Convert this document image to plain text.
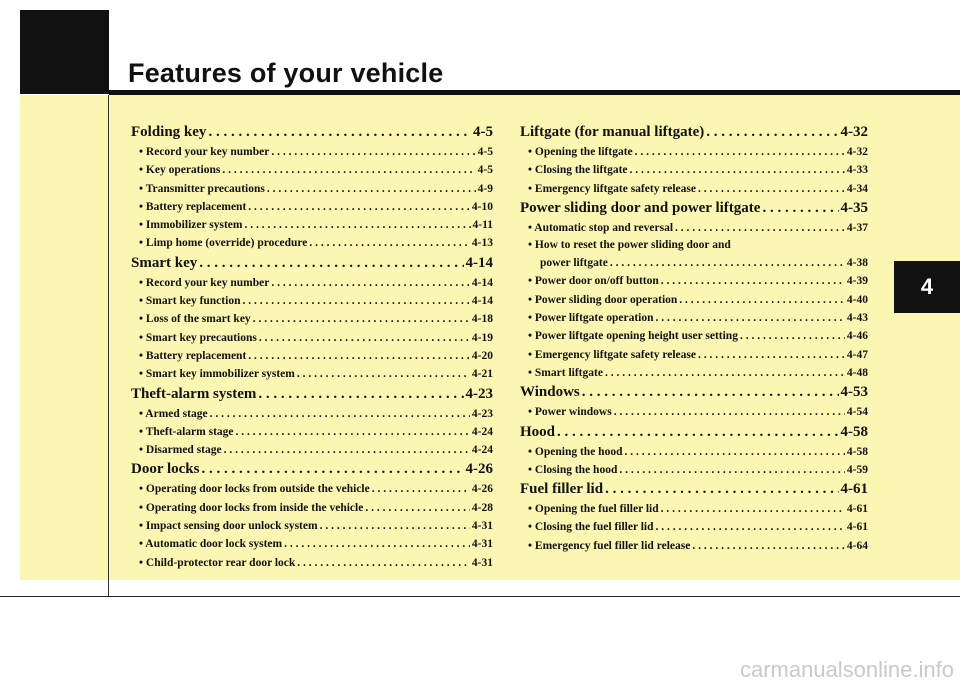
Features of your vehicle
4
Folding key . . .	4-5
• Record your key number . . .	4-5
• Key operations . . .	4-5
• Transmitter precautions . . .	4-9
• Battery replacement . . .	4-10
• Immobilizer system . . .	4-11
• Limp home (override) procedure . . .	4-13
Smart key . . .	4-14
• Record your key number . . .	4-14
• Smart key function . . .	4-14
• Loss of the smart key . . .	4-18
• Smart key precautions . . .	4-19
• Battery replacement . . .	4-20
• Smart key immobilizer system . . .	4-21
Theft-alarm system . . .	4-23
• Armed stage . . .	4-23
• Theft-alarm stage . . .	4-24
• Disarmed stage . . .	4-24
Door locks . . .	4-26
• Operating door locks from outside the vehicle . . .	4-26
• Operating door locks from inside the vehicle . . .	4-28
• Impact sensing door unlock system . . .	4-31
• Automatic door lock system . . .	4-31
• Child-protector rear door lock . . .	4-31
Liftgate (for manual liftgate) . . .	4-32
• Opening the liftgate . . .	4-32
• Closing the liftgate . . .	4-33
• Emergency liftgate safety release . . .	4-34
Power sliding door and power liftgate . . .	4-35
• Automatic stop and reversal . . .	4-37
• How to reset the power sliding door and
power liftgate . . .	4-38
• Power door on/off button . . .	4-39
• Power sliding door operation . . .	4-40
• Power liftgate operation . . .	4-43
• Power liftgate opening height user setting . . .	4-46
• Emergency liftgate safety release . . .	4-47
• Smart liftgate . . .	4-48
Windows . . .	4-53
• Power windows . . .	4-54
Hood . . .	4-58
• Opening the hood . . .	4-58
• Closing the hood . . .	4-59
Fuel filler lid . . .	4-61
• Opening the fuel filler lid . . .	4-61
• Closing the fuel filler lid . . .	4-61
• Emergency fuel filler lid release . . .	4-64
carmanualsonline.info
